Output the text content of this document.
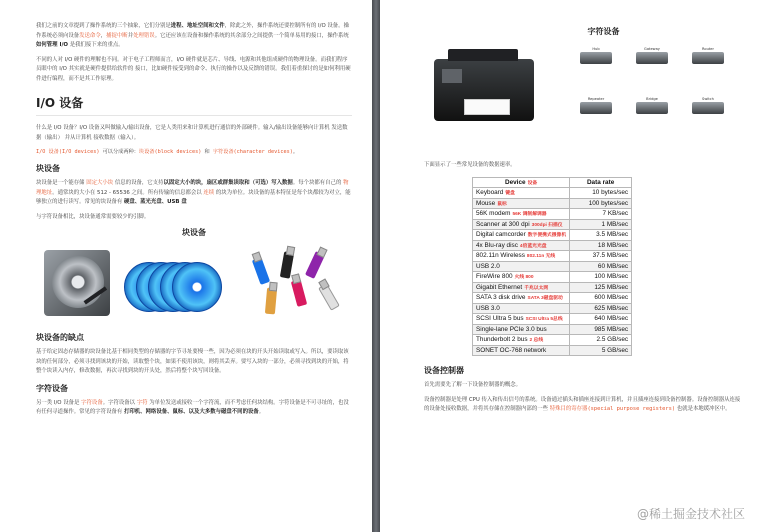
我们之前的文章提到了操作系统的三个抽象，它们分别是进程、地址空间和文件，除此之外，操作系统还要控制所有的 I/O 设备。操作系统必须向设备发送命令，捕捉中断并处理错误。它还应该在设备和操作系统的其余部分之间提供一个简单易用的接口，操作系统如何管理 I/O 是我们接下来的重点。

不同的人对 I/O 硬件的理解也不同。对于电子工程师而言，I/O 硬件就是芯片、导线、电源和其他组成硬件的物理设备。而我们程序员眼中的 I/O 其实就是硬件提供给软件的 接口，比如硬件接受到的命令、执行的操作以及反馈的错误。我们着重探讨的是如何利用硬件进行编程，而不是其工作原理。

I/O 设备

什么是 I/O 设备？I/O 设备又叫做输入/输出设备，它是人类用来和计算机进行通信的外部硬件。输入/输出设备能够向计算机 发送数据（输出） 并从计算机 接收数据（输入）。

I/O 设备(I/O devices) 可以分成两种：块设备(block devices) 和 字符设备(character devices)。

块设备

块设备是一个能存储 固定大小块 信息的设备，它支持以固定大小的块，扇区或群集读取和（可选）写入数据。每个块都有自己的 物理地址。通常块的大小在 512 - 65536 之间。所有传输的信息都会以 连续 的块为单位。块设备的基本特征是每个块都较为对立，能够独立的进行读写。常见的块设备有 硬盘、蓝光光盘、USB 盘

与字符设备相比，块设备通常需要较少的引脚。

块设备
块设备的缺点

基于给定固态存储器的块设备比基于相同类型的存储器的字节寻址要慢一些，因为必须在块的开头开始读取或写入。所以，要读取该块的任何部分，必须寻找到该块的开始，读取整个块，如果不使用该块，则将其丢弃。要写入块的一部分，必须寻找到块的开始，将整个块读入内存，修改数据，再次寻找到块的开头处，然后将整个块写回设备。

字符设备

另一类 I/O 设备是 字符设备。字符设备以 字符 为单位发送或接收一个字符流，而不考虑任何块结构。字符设备是不可寻址的，也没有任何寻道操作。常见的字符设备有 打印机、网络设备、鼠标、以及大多数与磁盘不同的设备。

字符设备
Hub	Gateway	Router
Repeater	Bridge	Switch

下面显示了一些常见设备的数据速率。

Device 设备	Data rate
Keyboard 键盘	10 bytes/sec
Mouse 鼠标	100 bytes/sec
56K modem 56K 调制解调器	7 KB/sec
Scanner at 300 dpi 300dpi 扫描仪	1 MB/sec
Digital camcorder 数字便携式摄像机	3.5 MB/sec
4x Blu-ray disc 4倍蓝光光盘	18 MB/sec
802.11n Wireless 802.11n 无线	37.5 MB/sec
USB 2.0	60 MB/sec
FireWire 800 火线 800	100 MB/sec
Gigabit Ethernet 千兆以太网	125 MB/sec
SATA 3 disk drive SATA 3磁盘驱动	600 MB/sec
USB 3.0	625 MB/sec
SCSI Ultra 5 bus SCSI Ultra 5总线	640 MB/sec
Single-lane PCIe 3.0 bus	985 MB/sec
Thunderbolt 2 bus 2 总线	2.5 GB/sec
SONET OC-768 network	5 GB/sec
设备控制器

首先需要先了解一下设备控制器的概念。

设备控制器是处理 CPU 传入和传出信号的系统。设备通过插头和插座连接到计算机，并且插座连接到设备控制器。设备控制器从连接的设备处接收数据，并将其存储在控制器内部的一些 特殊目的寄存器(special purpose registers) 也就是本地缓冲区中。

@稀土掘金技术社区
